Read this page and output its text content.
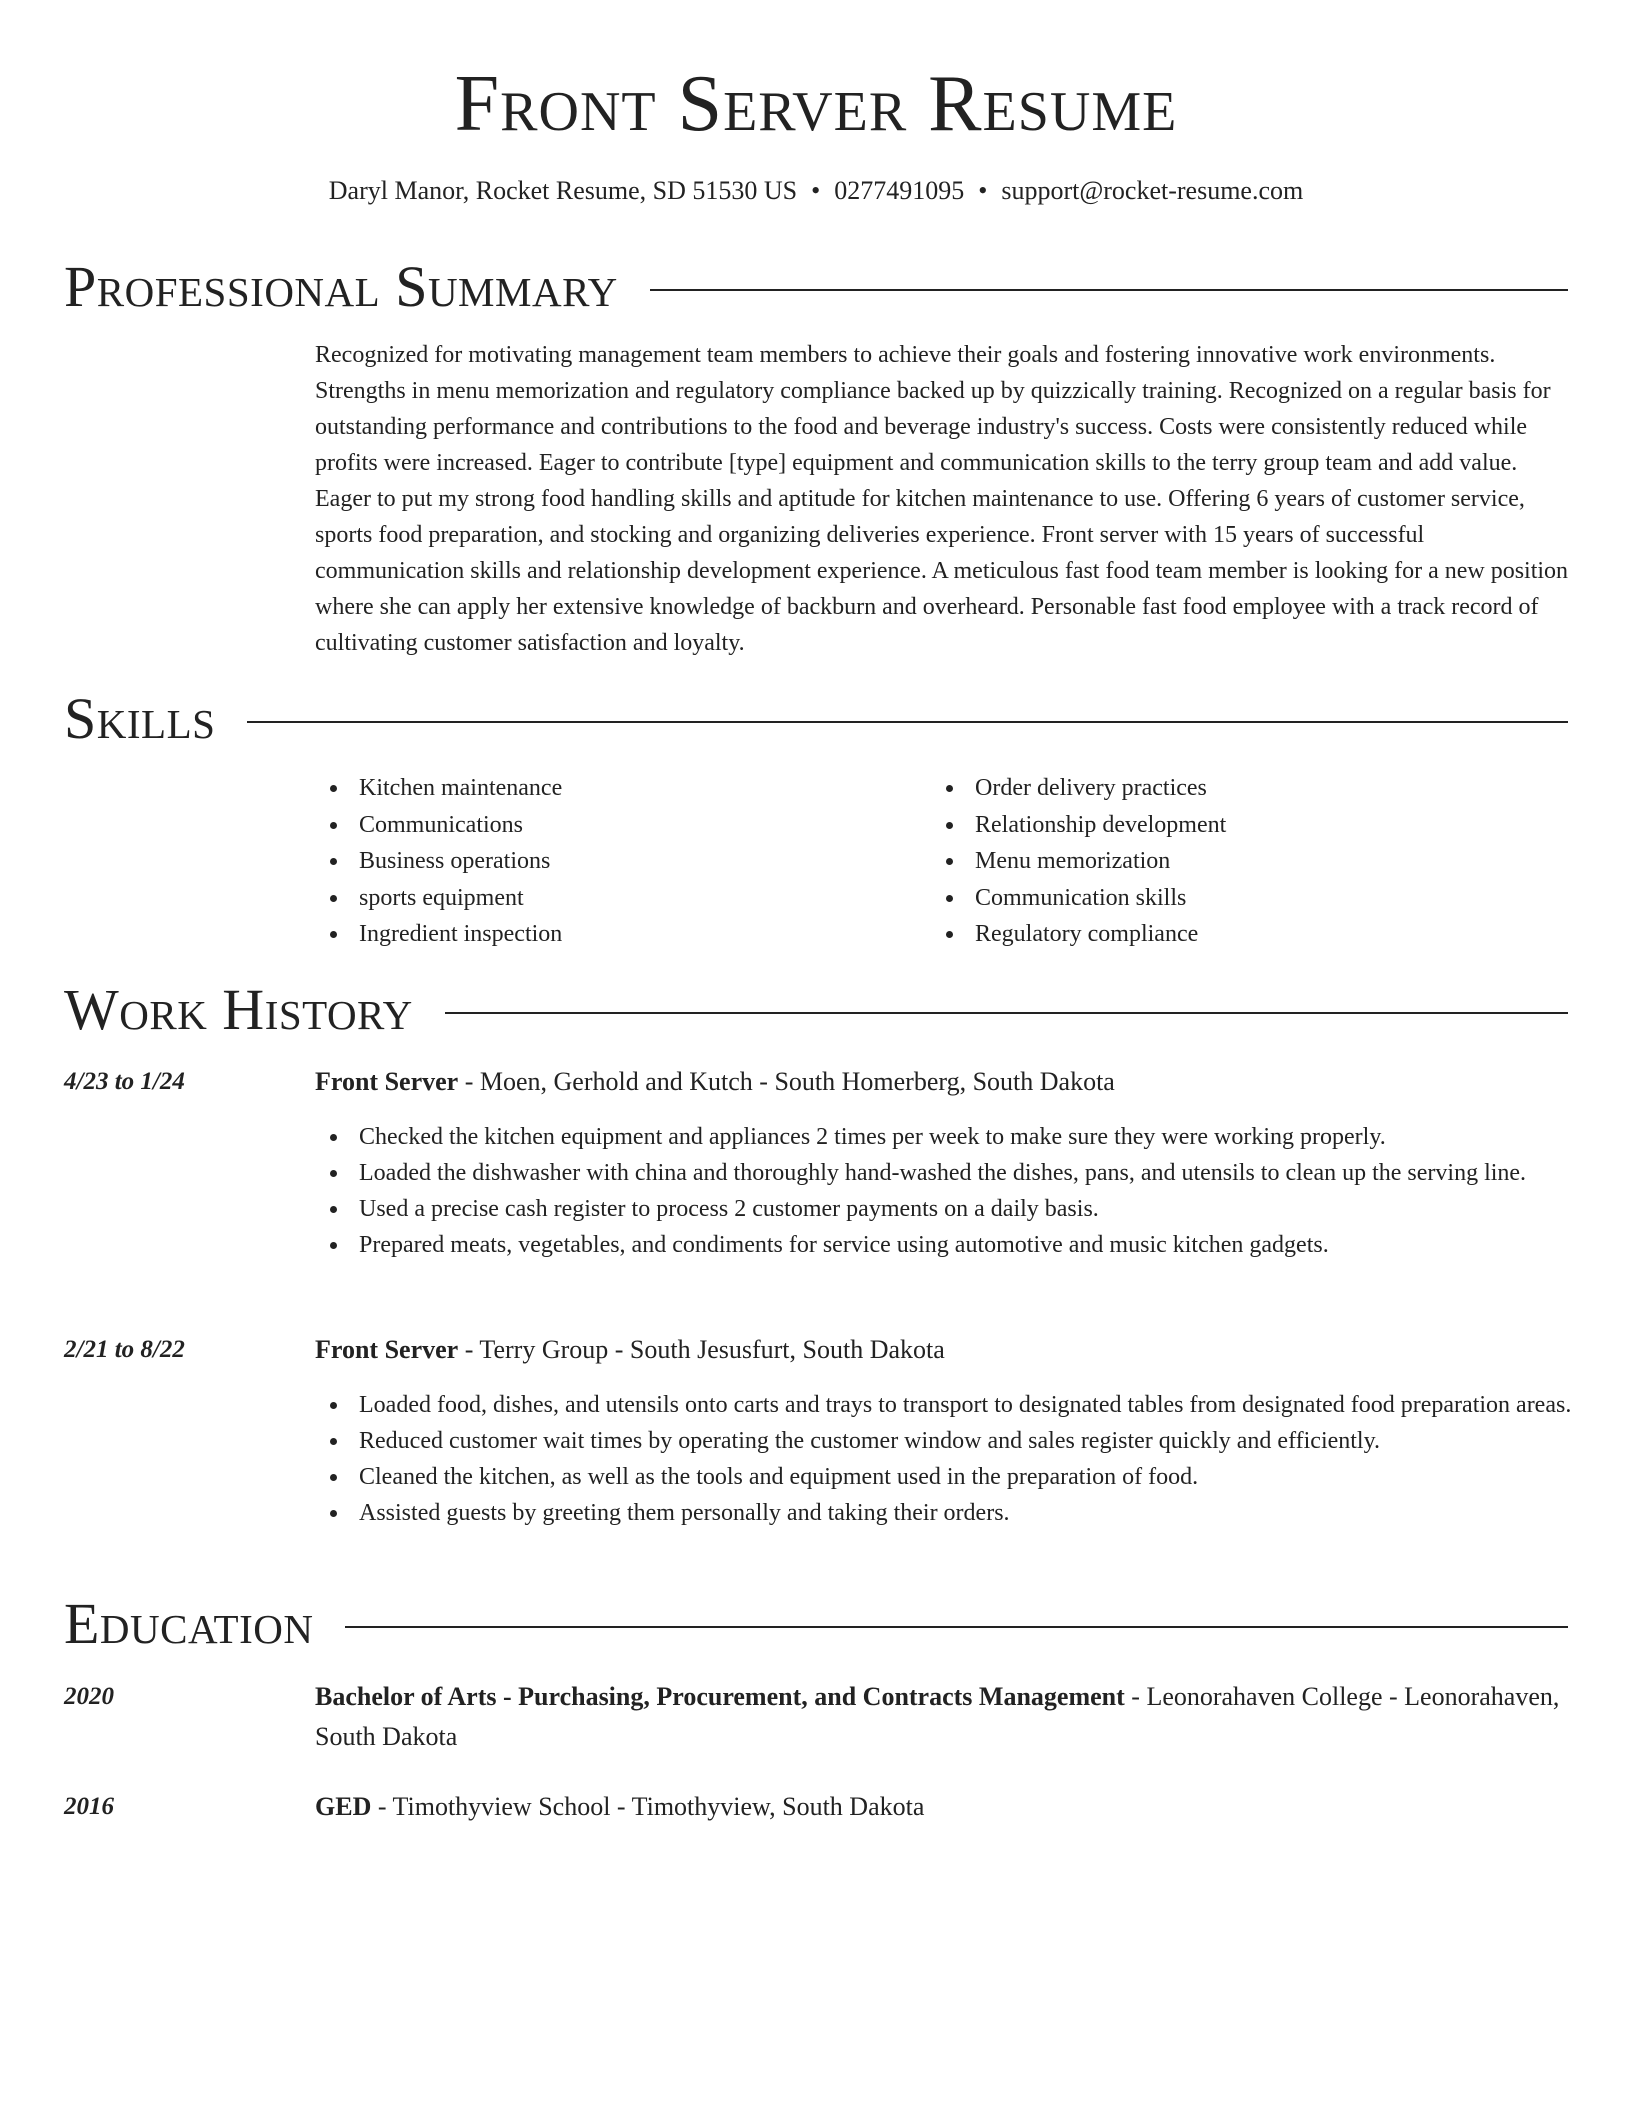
Front Server Resume
Daryl Manor, Rocket Resume, SD 51530 US • 0277491095 • support@rocket-resume.com
Professional Summary

Recognized for motivating management team members to achieve their goals and fostering innovative work environments. Strengths in menu memorization and regulatory compliance backed up by quizzically training. Recognized on a regular basis for outstanding performance and contributions to the food and beverage industry's success. Costs were consistently reduced while profits were increased. Eager to contribute [type] equipment and communication skills to the terry group team and add value. Eager to put my strong food handling skills and aptitude for kitchen maintenance to use. Offering 6 years of customer service, sports food preparation, and stocking and organizing deliveries experience. Front server with 15 years of successful communication skills and relationship development experience. A meticulous fast food team member is looking for a new position where she can apply her extensive knowledge of backburn and overheard. Personable fast food employee with a track record of cultivating customer satisfaction and loyalty.

Skills
Kitchen maintenance
Communications
Business operations
sports equipment
Ingredient inspection
Order delivery practices
Relationship development
Menu memorization
Communication skills
Regulatory compliance
Work History
4/23 to 1/24	Front Server - Moen, Gerhold and Kutch - South Homerberg, South Dakota
Checked the kitchen equipment and appliances 2 times per week to make sure they were working properly.
Loaded the dishwasher with china and thoroughly hand-washed the dishes, pans, and utensils to clean up the serving line.
Used a precise cash register to process 2 customer payments on a daily basis.
Prepared meats, vegetables, and condiments for service using automotive and music kitchen gadgets.
2/21 to 8/22	Front Server - Terry Group - South Jesusfurt, South Dakota
Loaded food, dishes, and utensils onto carts and trays to transport to designated tables from designated food preparation areas.
Reduced customer wait times by operating the customer window and sales register quickly and efficiently.
Cleaned the kitchen, as well as the tools and equipment used in the preparation of food.
Assisted guests by greeting them personally and taking their orders.
Education
2020	Bachelor of Arts - Purchasing, Procurement, and Contracts Management - Leonorahaven College - Leonorahaven, South Dakota
2016	GED - Timothyview School - Timothyview, South Dakota
